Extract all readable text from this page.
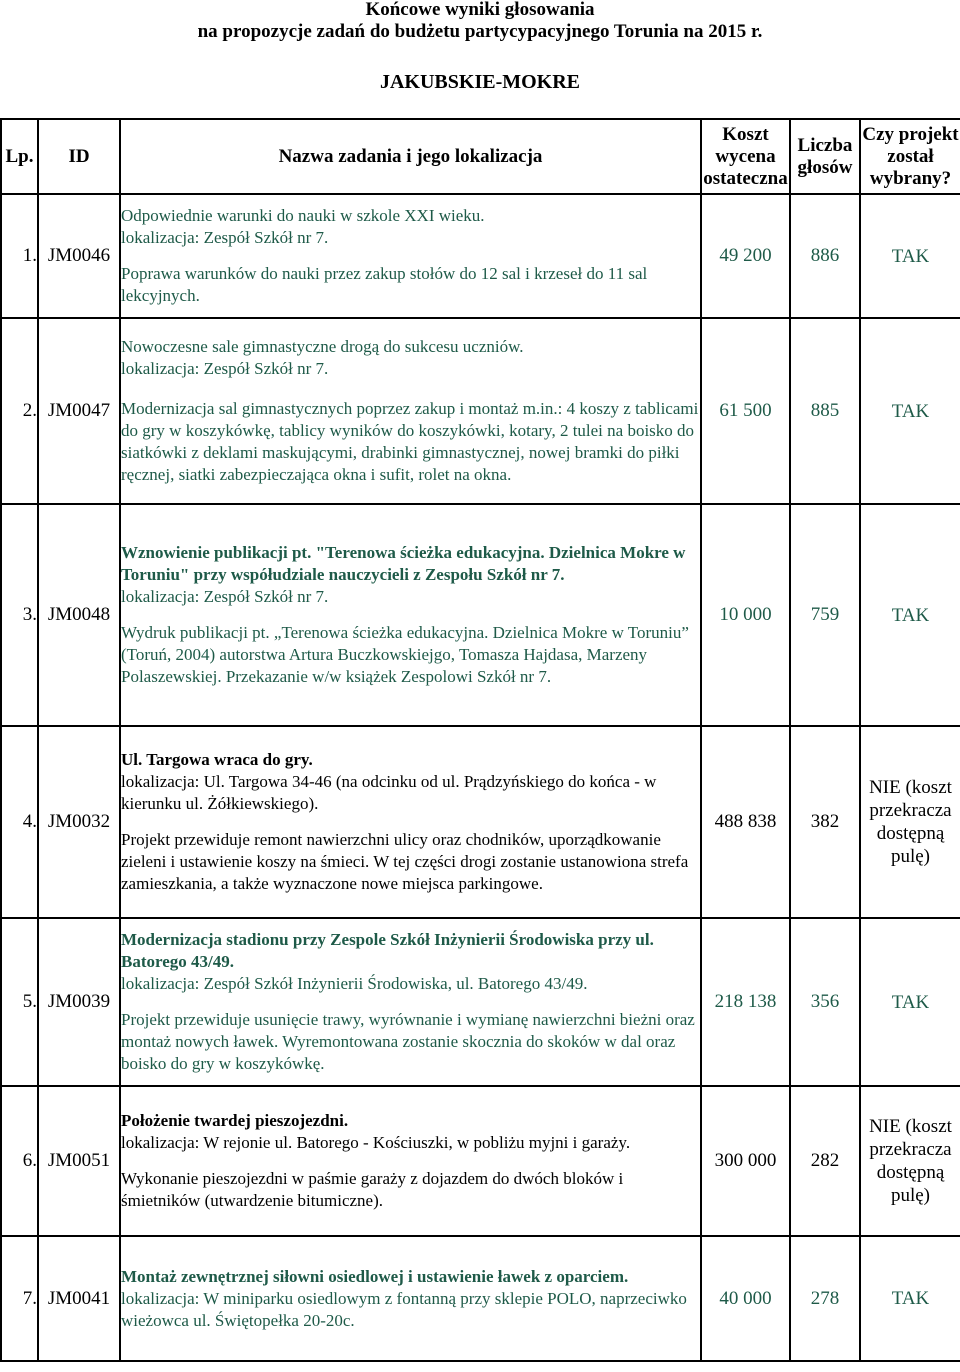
Końcowe wyniki głosowania
na propozycje zadań do budżetu partycypacyjnego Torunia na 2015 r.
JAKUBSKIE-MOKRE
Lp.	ID	Nazwa zadania i jego lokalizacja	Koszt wycena ostateczna	Liczba głosów	Czy projekt został wybrany?
1.	JM0046	Odpowiednie warunki do nauki w szkole XXI wieku.
lokalizacja: Zespół Szkół nr 7.
Poprawa warunków do nauki przez zakup stołów do 12 sal i krzeseł do 11 sal lekcyjnych.	49 200	886	TAK
2.	JM0047	Nowoczesne sale gimnastyczne drogą do sukcesu uczniów.
lokalizacja: Zespół Szkół nr 7.
Modernizacja sal gimnastycznych poprzez zakup i montaż m.in.: 4 koszy z tablicami do gry w koszykówkę, tablicy wyników do koszykówki, kotary, 2 tulei na boisko do siatkówki z deklami maskującymi, drabinki gimnastycznej, nowej bramki do piłki ręcznej, siatki zabezpieczająca okna i sufit, rolet na okna.	61 500	885	TAK
3.	JM0048	Wznowienie publikacji pt. "Terenowa ścieżka edukacyjna. Dzielnica Mokre w Toruniu" przy współudziale nauczycieli z Zespołu Szkół nr 7.
lokalizacja: Zespół Szkół nr 7.
Wydruk publikacji pt. „Terenowa ścieżka edukacyjna. Dzielnica Mokre w Toruniu” (Toruń, 2004) autorstwa Artura Buczkowskiejgo, Tomasza Hajdasa, Marzeny Polaszewskiej. Przekazanie w/w książek Zespolowi Szkół nr 7.	10 000	759	TAK
4.	JM0032	Ul. Targowa wraca do gry.
lokalizacja: Ul. Targowa 34-46 (na odcinku od ul. Prądzyńskiego do końca - w kierunku ul. Żółkiewskiego).
Projekt przewiduje remont nawierzchni ulicy oraz chodników, uporządkowanie zieleni i ustawienie koszy na śmieci. W tej części drogi zostanie ustanowiona strefa zamieszkania, a także wyznaczone nowe miejsca parkingowe.	488 838	382	NIE (koszt przekracza dostępną pulę)
5.	JM0039	Modernizacja stadionu przy Zespole Szkół Inżynierii Środowiska przy ul. Batorego 43/49.
lokalizacja: Zespół Szkół Inżynierii Środowiska, ul. Batorego 43/49.
Projekt przewiduje usunięcie trawy, wyrównanie i wymianę nawierzchni bieżni oraz montaż nowych ławek. Wyremontowana zostanie skocznia do skoków w dal oraz boisko do gry w koszykówkę.	218 138	356	TAK
6.	JM0051	Położenie twardej pieszojezdni.
lokalizacja: W rejonie ul. Batorego - Kościuszki, w pobliżu myjni i garaży.
Wykonanie pieszojezdni w paśmie garaży z dojazdem do dwóch bloków i śmietników (utwardzenie bitumiczne).	300 000	282	NIE (koszt przekracza dostępną pulę)
7.	JM0041	Montaż zewnętrznej siłowni osiedlowej i ustawienie ławek z oparciem.
lokalizacja: W miniparku osiedlowym z fontanną przy sklepie POLO, naprzeciwko wieżowca ul. Świętopełka 20-20c.	40 000	278	TAK
